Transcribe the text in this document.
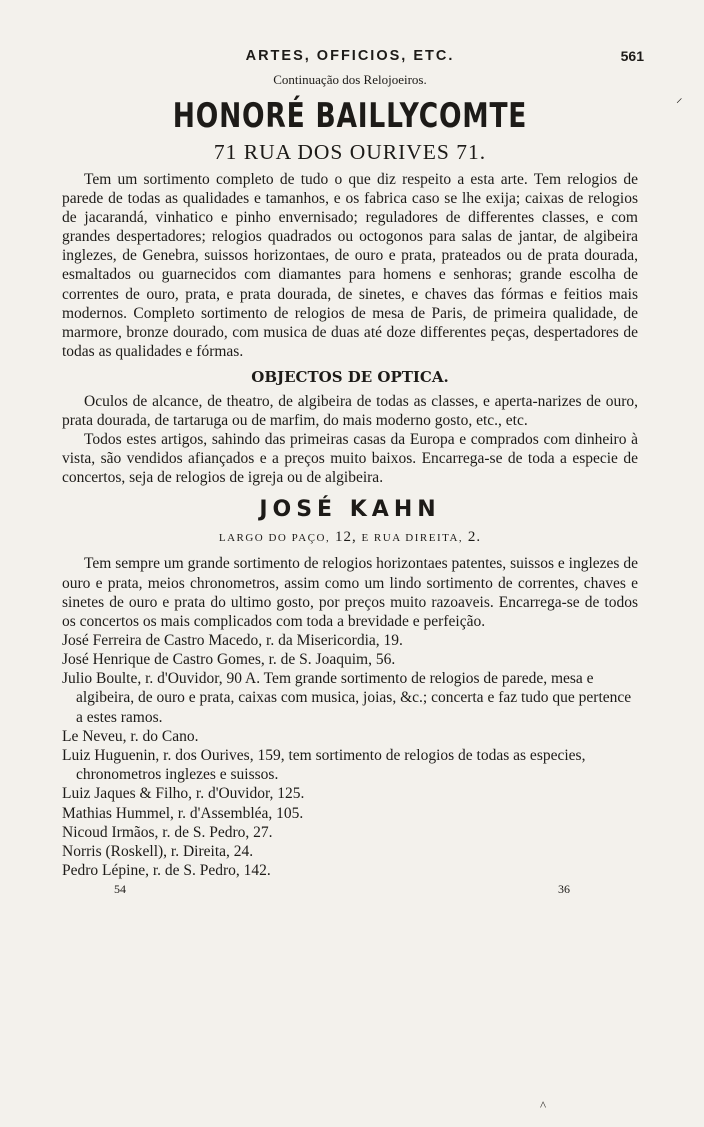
⸝
^
ARTES, OFFICIOS, ETC.	561
Continuação dos Relojoeiros.
HONORÉ BAILLYCOMTE
71 RUA DOS OURIVES 71.

Tem um sortimento completo de tudo o que diz respeito a esta arte. Tem relogios de parede de todas as qualidades e tamanhos, e os fabrica caso se lhe exija; caixas de relogios de jacarandá, vinhatico e pinho envernisado; reguladores de differentes classes, e com grandes despertadores; relogios quadrados ou octogonos para salas de jantar, de algibeira inglezes, de Genebra, suissos horizontaes, de ouro e prata, prateados ou de prata dourada, esmaltados ou guarnecidos com diamantes para homens e senhoras; grande escolha de correntes de ouro, prata, e prata dourada, de sinetes, e chaves das fórmas e feitios mais modernos. Completo sortimento de relogios de mesa de Paris, de primeira qualidade, de marmore, bronze dourado, com musica de duas até doze differentes peças, despertadores de todas as qualidades e fórmas.

OBJECTOS DE OPTICA.

Oculos de alcance, de theatro, de algibeira de todas as classes, e aperta-narizes de ouro, prata dourada, de tartaruga ou de marfim, do mais moderno gosto, etc., etc.

Todos estes artigos, sahindo das primeiras casas da Europa e comprados com dinheiro à vista, são vendidos afiançados e a preços muito baixos. Encarrega-se de toda a especie de concertos, seja de relogios de igreja ou de algibeira.

JOSÉ KAHN
LARGO DO PAÇO, 12, E RUA DIREITA, 2.

Tem sempre um grande sortimento de relogios horizontaes patentes, suissos e inglezes de ouro e prata, meios chronometros, assim como um lindo sortimento de correntes, chaves e sinetes de ouro e prata do ultimo gosto, por preços muito razoaveis. Encarrega-se de todos os concertos os mais complicados com toda a brevidade e perfeição.

José Ferreira de Castro Macedo, r. da Misericordia, 19.

José Henrique de Castro Gomes, r. de S. Joaquim, 56.

Julio Boulte, r. d'Ouvidor, 90 A. Tem grande sortimento de relogios de parede, mesa e algibeira, de ouro e prata, caixas com musica, joias, &c.; concerta e faz tudo que pertence a estes ramos.

Le Neveu, r. do Cano.

Luiz Huguenin, r. dos Ourives, 159, tem sortimento de relogios de todas as especies, chronometros inglezes e suissos.

Luiz Jaques & Filho, r. d'Ouvidor, 125.

Mathias Hummel, r. d'Assembléa, 105.

Nicoud Irmãos, r. de S. Pedro, 27.

Norris (Roskell), r. Direita, 24.

Pedro Lépine, r. de S. Pedro, 142.

54	36
